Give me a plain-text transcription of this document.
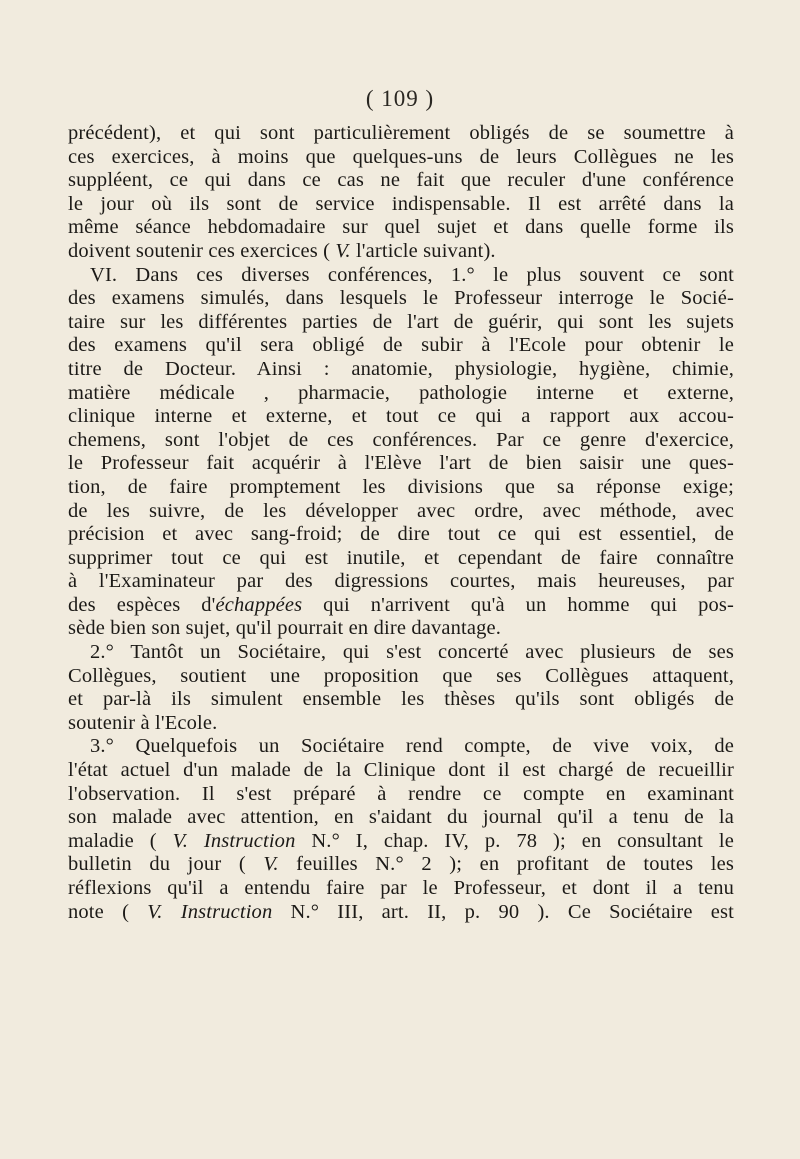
( 109 )
précédent), et qui sont particulièrement obligés de se soumettre à
ces exercices, à moins que quelques-uns de leurs Collègues ne les
suppléent, ce qui dans ce cas ne fait que reculer d'une conférence
le jour où ils sont de service indispensable. Il est arrêté dans la
même séance hebdomadaire sur quel sujet et dans quelle forme ils
doivent soutenir ces exercices ( V. l'article suivant).
VI. Dans ces diverses conférences, 1.° le plus souvent ce sont
des examens simulés, dans lesquels le Professeur interroge le Socié-
taire sur les différentes parties de l'art de guérir, qui sont les sujets
des examens qu'il sera obligé de subir à l'Ecole pour obtenir le
titre de Docteur. Ainsi : anatomie, physiologie, hygiène, chimie,
matière médicale , pharmacie, pathologie interne et externe,
clinique interne et externe, et tout ce qui a rapport aux accou-
chemens, sont l'objet de ces conférences. Par ce genre d'exercice,
le Professeur fait acquérir à l'Elève l'art de bien saisir une ques-
tion, de faire promptement les divisions que sa réponse exige;
de les suivre, de les développer avec ordre, avec méthode, avec
précision et avec sang-froid; de dire tout ce qui est essentiel, de
supprimer tout ce qui est inutile, et cependant de faire connaître
à l'Examinateur par des digressions courtes, mais heureuses, par
des espèces d'échappées qui n'arrivent qu'à un homme qui pos-
sède bien son sujet, qu'il pourrait en dire davantage.
2.° Tantôt un Sociétaire, qui s'est concerté avec plusieurs de ses
Collègues, soutient une proposition que ses Collègues attaquent,
et par-là ils simulent ensemble les thèses qu'ils sont obligés de
soutenir à l'Ecole.
3.° Quelquefois un Sociétaire rend compte, de vive voix, de
l'état actuel d'un malade de la Clinique dont il est chargé de recueillir
l'observation. Il s'est préparé à rendre ce compte en examinant
son malade avec attention, en s'aidant du journal qu'il a tenu de la
maladie ( V. Instruction N.° I, chap. IV, p. 78 ); en consultant le
bulletin du jour ( V. feuilles N.° 2 ); en profitant de toutes les
réflexions qu'il a entendu faire par le Professeur, et dont il a tenu
note ( V. Instruction N.° III, art. II, p. 90 ). Ce Sociétaire est
